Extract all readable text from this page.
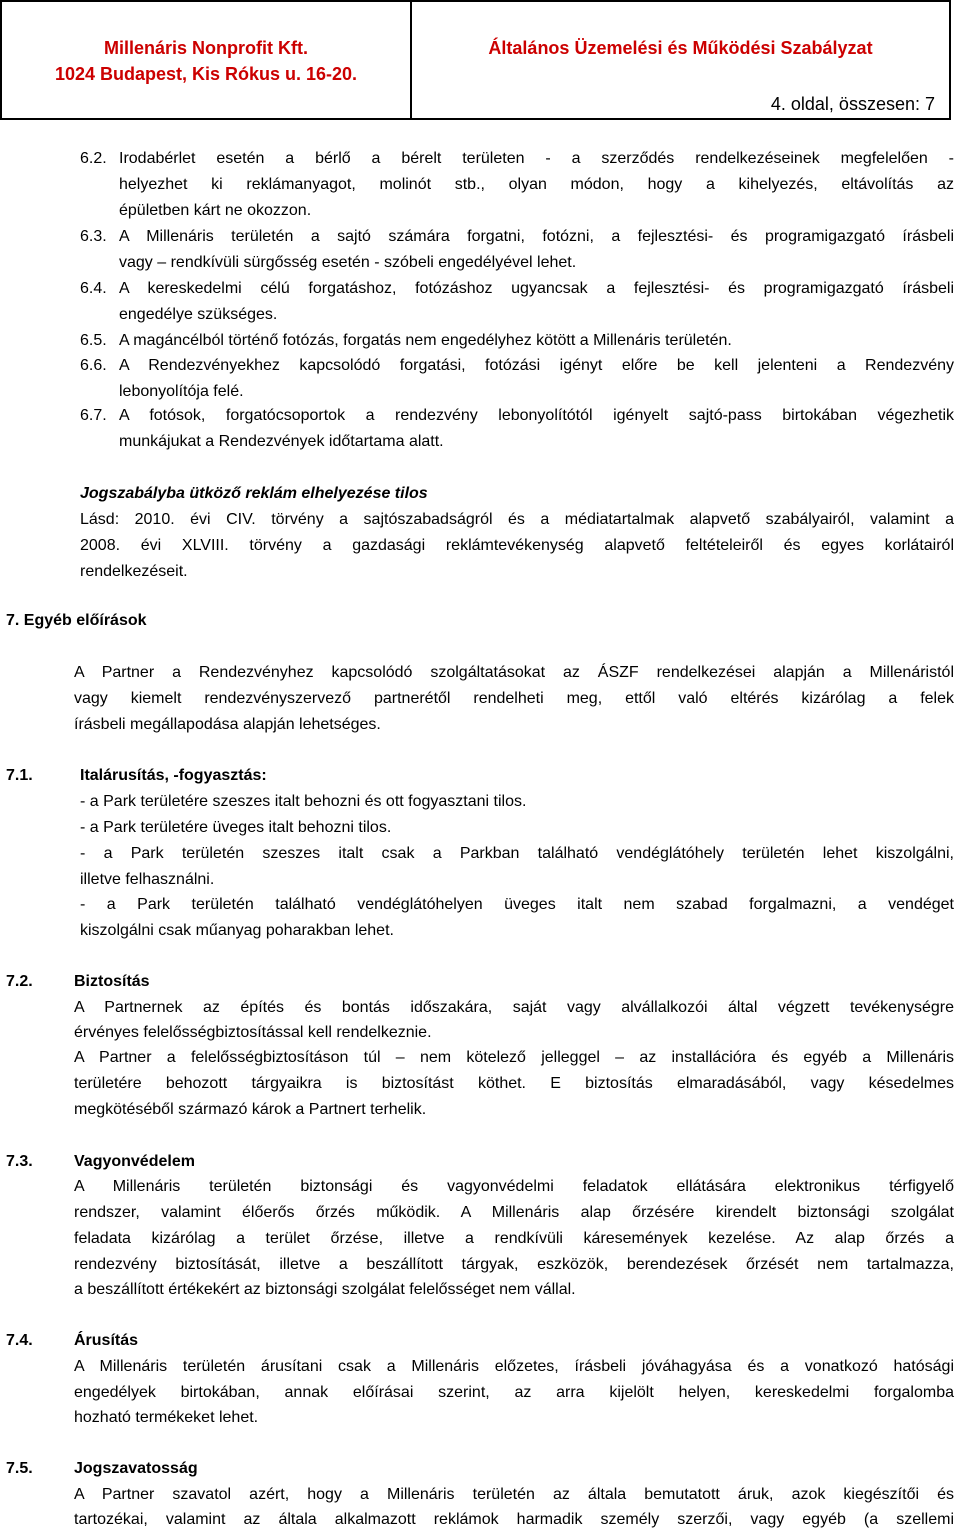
Millenáris Nonprofit Kft.
1024 Budapest, Kis Rókus u. 16-20.
Általános Üzemelési és Működési Szabályzat
4. oldal, összesen: 7
6.2. Irodabérlet esetén a bérlő a bérelt területen - a szerződés rendelkezéseinek megfelelően -
helyezhet ki reklámanyagot, molinót stb., olyan módon, hogy a kihelyezés, eltávolítás az
épületben kárt ne okozzon.
6.3. A Millenáris területén a sajtó számára forgatni, fotózni, a fejlesztési- és programigazgató írásbeli
vagy – rendkívüli sürgősség esetén - szóbeli engedélyével lehet.
6.4. A kereskedelmi célú forgatáshoz, fotózáshoz ugyancsak a fejlesztési- és programigazgató írásbeli
engedélye szükséges.
6.5. A magáncélból történő fotózás, forgatás nem engedélyhez kötött a Millenáris területén.
6.6. A Rendezvényekhez kapcsolódó forgatási, fotózási igényt előre be kell jelenteni a Rendezvény
lebonyolítója felé.
6.7. A fotósok, forgatócsoportok a rendezvény lebonyolítótól igényelt sajtó-pass birtokában végezhetik
munkájukat a Rendezvények időtartama alatt.
Jogszabályba ütköző reklám elhelyezése tilos
Lásd: 2010. évi CIV. törvény a sajtószabadságról és a médiatartalmak alapvető szabályairól, valamint a
2008. évi XLVIII. törvény a gazdasági reklámtevékenység alapvető feltételeiről és egyes korlátairól
rendelkezéseit.
7. Egyéb előírások
A Partner a Rendezvényhez kapcsolódó szolgáltatásokat az ÁSZF rendelkezései alapján a Millenáristól
vagy kiemelt rendezvényszervező partnerétől rendelheti meg, ettől való eltérés kizárólag a felek
írásbeli megállapodása alapján lehetséges.
7.1.	Italárusítás, -fogyasztás:
- a Park területére szeszes italt behozni és ott fogyasztani tilos.
- a Park területére üveges italt behozni tilos.
- a Park területén szeszes italt csak a Parkban található vendéglátóhely területén lehet kiszolgálni,
illetve felhasználni.
- a Park területén található vendéglátóhelyen üveges italt nem szabad forgalmazni, a vendéget
kiszolgálni csak műanyag poharakban lehet.
7.2.	Biztosítás
A Partnernek az építés és bontás időszakára, saját vagy alvállalkozói által végzett tevékenységre
érvényes felelősségbiztosítással kell rendelkeznie.
A Partner a felelősségbiztosításon túl – nem kötelező jelleggel – az installációra és egyéb a Millenáris
területére behozott tárgyaikra is biztosítást köthet. E biztosítás elmaradásából, vagy késedelmes
megkötéséből származó károk a Partnert terhelik.
7.3.	Vagyonvédelem
A Millenáris területén biztonsági és vagyonvédelmi feladatok ellátására elektronikus térfigyelő
rendszer, valamint élőerős őrzés működik. A Millenáris alap őrzésére kirendelt biztonsági szolgálat
feladata kizárólag a terület őrzése, illetve a rendkívüli káresemények kezelése. Az alap őrzés a
rendezvény biztosítását, illetve a beszállított tárgyak, eszközök, berendezések őrzését nem tartalmazza,
a beszállított értékekért az biztonsági szolgálat felelősséget nem vállal.
7.4.	Árusítás
A Millenáris területén árusítani csak a Millenáris előzetes, írásbeli jóváhagyása és a vonatkozó hatósági
engedélyek birtokában, annak előírásai szerint, az arra kijelölt helyen, kereskedelmi forgalomba
hozható termékeket lehet.
7.5.	Jogszavatosság
A Partner szavatol azért, hogy a Millenáris területén az általa bemutatott áruk, azok kiegészítői és
tartozékai, valamint az általa alkalmazott reklámok harmadik személy szerzői, vagy egyéb (a szellemi
